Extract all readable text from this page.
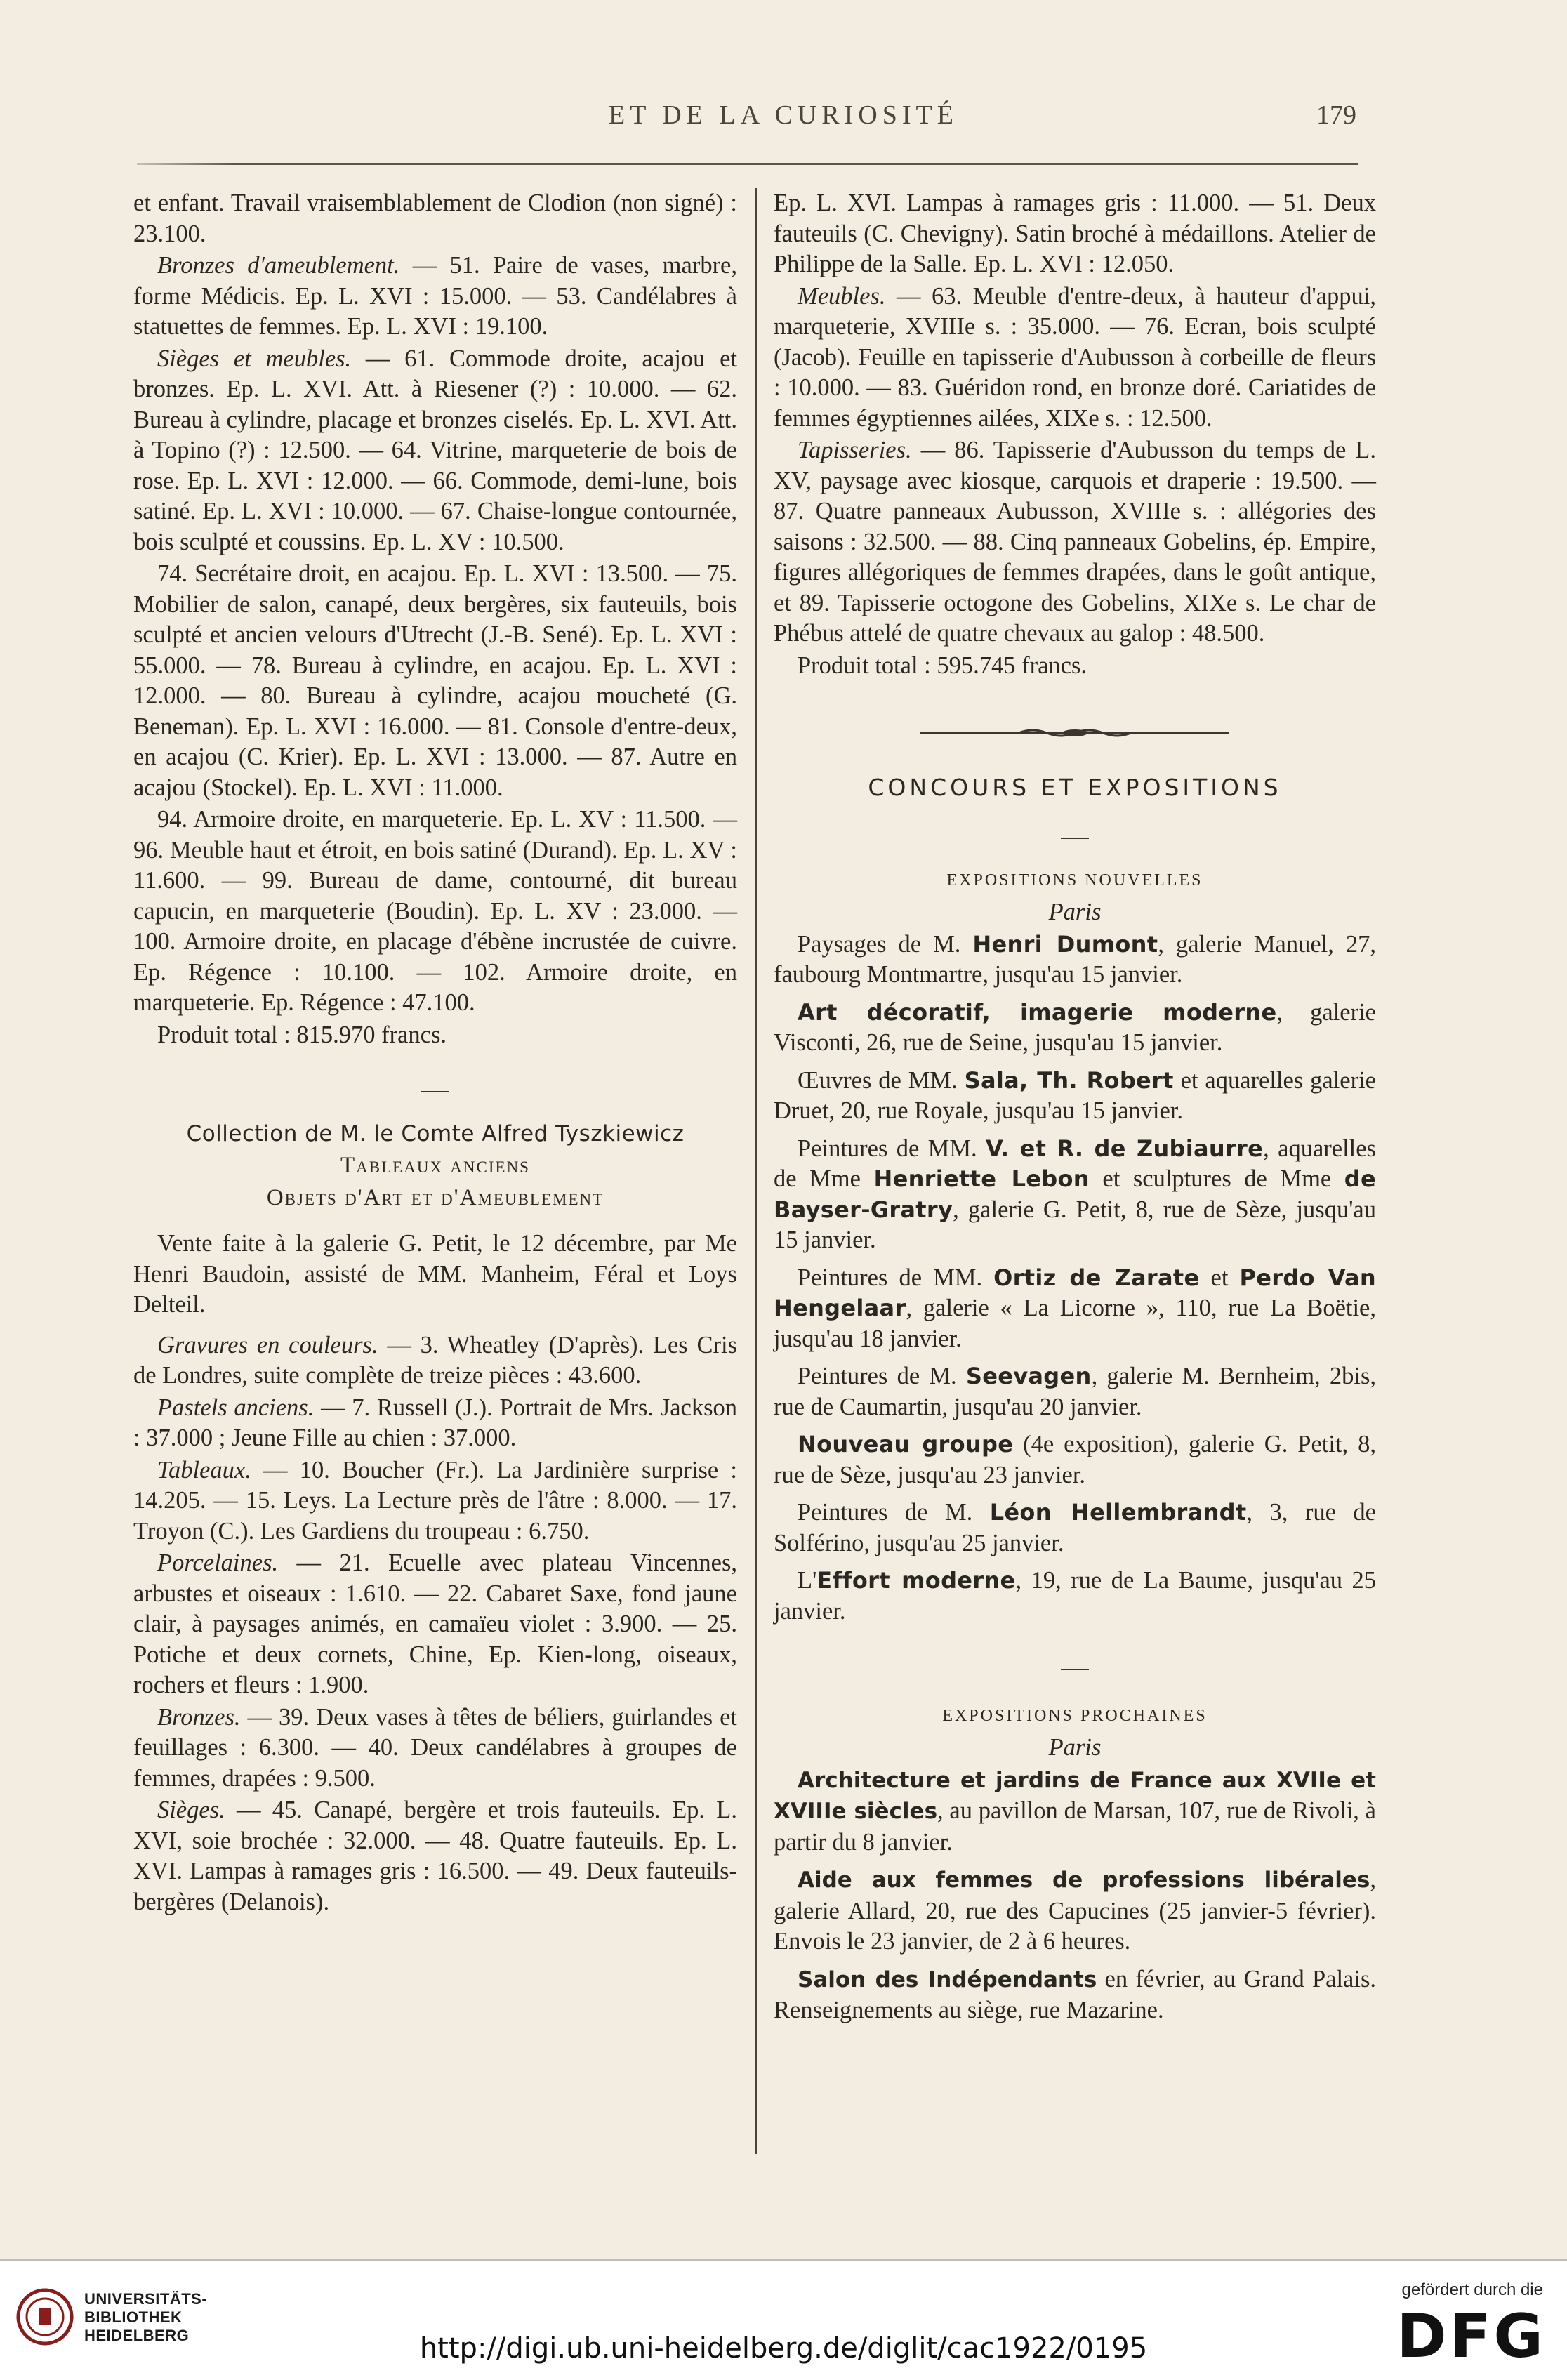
ET DE LA CURIOSITÉ	179

et enfant. Travail vraisemblablement de Clodion (non signé) : 23.100.

Bronzes d'ameublement. — 51. Paire de vases, marbre, forme Médicis. Ep. L. XVI : 15.000. — 53. Candélabres à statuettes de femmes. Ep. L. XVI : 19.100.

Sièges et meubles. — 61. Commode droite, acajou et bronzes. Ep. L. XVI. Att. à Riesener (?) : 10.000. — 62. Bureau à cylindre, placage et bronzes ciselés. Ep. L. XVI. Att. à Topino (?) : 12.500. — 64. Vitrine, marqueterie de bois de rose. Ep. L. XVI : 12.000. — 66. Commode, demi-lune, bois satiné. Ep. L. XVI : 10.000. — 67. Chaise-longue contournée, bois sculpté et coussins. Ep. L. XV : 10.500.

74. Secrétaire droit, en acajou. Ep. L. XVI : 13.500. — 75. Mobilier de salon, canapé, deux bergères, six fauteuils, bois sculpté et ancien velours d'Utrecht (J.-B. Sené). Ep. L. XVI : 55.000. — 78. Bureau à cylindre, en acajou. Ep. L. XVI : 12.000. — 80. Bureau à cylindre, acajou moucheté (G. Beneman). Ep. L. XVI : 16.000. — 81. Console d'entre-deux, en acajou (C. Krier). Ep. L. XVI : 13.000. — 87. Autre en acajou (Stockel). Ep. L. XVI : 11.000.

94. Armoire droite, en marqueterie. Ep. L. XV : 11.500. — 96. Meuble haut et étroit, en bois satiné (Durand). Ep. L. XV : 11.600. — 99. Bureau de dame, contourné, dit bureau capucin, en marqueterie (Boudin). Ep. L. XV : 23.000. — 100. Armoire droite, en placage d'ébène incrustée de cuivre. Ep. Régence : 10.100. — 102. Armoire droite, en marqueterie. Ep. Régence : 47.100.

Produit total : 815.970 francs.

Collection de M. le Comte Alfred Tyszkiewicz

Tableaux anciens

Objets d'Art et d'Ameublement

Vente faite à la galerie G. Petit, le 12 décembre, par Me Henri Baudoin, assisté de MM. Manheim, Féral et Loys Delteil.

Gravures en couleurs. — 3. Wheatley (D'après). Les Cris de Londres, suite complète de treize pièces : 43.600.

Pastels anciens. — 7. Russell (J.). Portrait de Mrs. Jackson : 37.000 ; Jeune Fille au chien : 37.000.

Tableaux. — 10. Boucher (Fr.). La Jardinière surprise : 14.205. — 15. Leys. La Lecture près de l'âtre : 8.000. — 17. Troyon (C.). Les Gardiens du troupeau : 6.750.

Porcelaines. — 21. Ecuelle avec plateau Vincennes, arbustes et oiseaux : 1.610. — 22. Cabaret Saxe, fond jaune clair, à paysages animés, en camaïeu violet : 3.900. — 25. Potiche et deux cornets, Chine, Ep. Kien-long, oiseaux, rochers et fleurs : 1.900.

Bronzes. — 39. Deux vases à têtes de béliers, guirlandes et feuillages : 6.300. — 40. Deux candélabres à groupes de femmes, drapées : 9.500.

Sièges. — 45. Canapé, bergère et trois fauteuils. Ep. L. XVI, soie brochée : 32.000. — 48. Quatre fauteuils. Ep. L. XVI. Lampas à ramages gris : 16.500. — 49. Deux fauteuils-bergères (Delanois).

Ep. L. XVI. Lampas à ramages gris : 11.000. — 51. Deux fauteuils (C. Chevigny). Satin broché à médaillons. Atelier de Philippe de la Salle. Ep. L. XVI : 12.050.

Meubles. — 63. Meuble d'entre-deux, à hauteur d'appui, marqueterie, XVIIIe s. : 35.000. — 76. Ecran, bois sculpté (Jacob). Feuille en tapisserie d'Aubusson à corbeille de fleurs : 10.000. — 83. Guéridon rond, en bronze doré. Cariatides de femmes égyptiennes ailées, XIXe s. : 12.500.

Tapisseries. — 86. Tapisserie d'Aubusson du temps de L. XV, paysage avec kiosque, carquois et draperie : 19.500. — 87. Quatre panneaux Aubusson, XVIIIe s. : allégories des saisons : 32.500. — 88. Cinq panneaux Gobelins, ép. Empire, figures allégoriques de femmes drapées, dans le goût antique, et 89. Tapisserie octogone des Gobelins, XIXe s. Le char de Phébus attelé de quatre chevaux au galop : 48.500.

Produit total : 595.745 francs.

CONCOURS ET EXPOSITIONS

EXPOSITIONS NOUVELLES

Paris

Paysages de M. Henri Dumont, galerie Manuel, 27, faubourg Montmartre, jusqu'au 15 janvier.

Art décoratif, imagerie moderne, galerie Visconti, 26, rue de Seine, jusqu'au 15 janvier.

Œuvres de MM. Sala, Th. Robert et aquarelles galerie Druet, 20, rue Royale, jusqu'au 15 janvier.

Peintures de MM. V. et R. de Zubiaurre, aquarelles de Mme Henriette Lebon et sculptures de Mme de Bayser-Gratry, galerie G. Petit, 8, rue de Sèze, jusqu'au 15 janvier.

Peintures de MM. Ortiz de Zarate et Perdo Van Hengelaar, galerie « La Licorne », 110, rue La Boëtie, jusqu'au 18 janvier.

Peintures de M. Seevagen, galerie M. Bernheim, 2bis, rue de Caumartin, jusqu'au 20 janvier.

Nouveau groupe (4e exposition), galerie G. Petit, 8, rue de Sèze, jusqu'au 23 janvier.

Peintures de M. Léon Hellembrandt, 3, rue de Solférino, jusqu'au 25 janvier.

L'Effort moderne, 19, rue de La Baume, jusqu'au 25 janvier.

EXPOSITIONS PROCHAINES

Paris

Architecture et jardins de France aux XVIIe et XVIIIe siècles, au pavillon de Marsan, 107, rue de Rivoli, à partir du 8 janvier.

Aide aux femmes de professions libérales, galerie Allard, 20, rue des Capucines (25 janvier-5 février). Envois le 23 janvier, de 2 à 6 heures.

Salon des Indépendants en février, au Grand Palais. Renseignements au siège, rue Mazarine.

UNIVERSITÄTS-
BIBLIOTHEK
HEIDELBERG	http://digi.ub.uni-heidelberg.de/diglit/cac1922/0195
gefördert durch die
DFG
